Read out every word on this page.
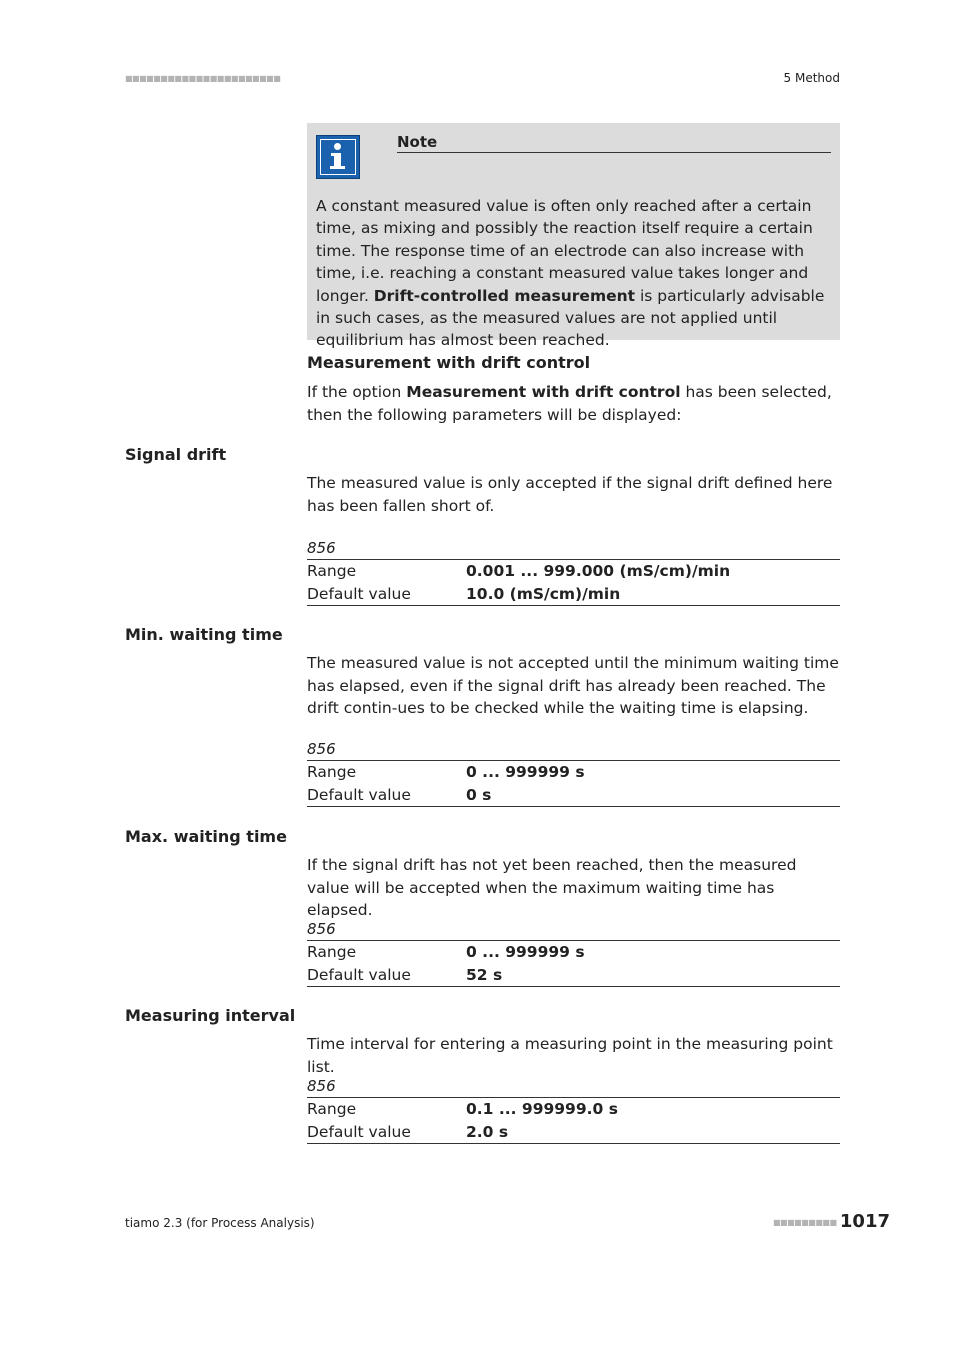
■■■■■■■■■■■■■■■■■■■■■■	5 Method
Note
A constant measured value is often only reached after a certain time, as mixing and possibly the reaction itself require a certain time. The response time of an electrode can also increase with time, i.e. reaching a constant measured value takes longer and longer. Drift-controlled measurement is particularly advisable in such cases, as the measured values are not applied until equilibrium has almost been reached.
Measurement with drift control
If the option Measurement with drift control has been selected, then the following parameters will be displayed:
Signal drift
The measured value is only accepted if the signal drift defined here has been fallen short of.
856
Range	0.001 ... 999.000 (mS/cm)/min
Default value	10.0 (mS/cm)/min
Min. waiting time
The measured value is not accepted until the minimum waiting time has elapsed, even if the signal drift has already been reached. The drift contin-ues to be checked while the waiting time is elapsing.
856
Range	0 ... 999999 s
Default value	0 s
Max. waiting time
If the signal drift has not yet been reached, then the measured value will be accepted when the maximum waiting time has elapsed.
856
Range	0 ... 999999 s
Default value	52 s
Measuring interval
Time interval for entering a measuring point in the measuring point list.
856
Range	0.1 ... 999999.0 s
Default value	2.0 s
tiamo 2.3 (for Process Analysis)	■■■■■■■■■ 1017
